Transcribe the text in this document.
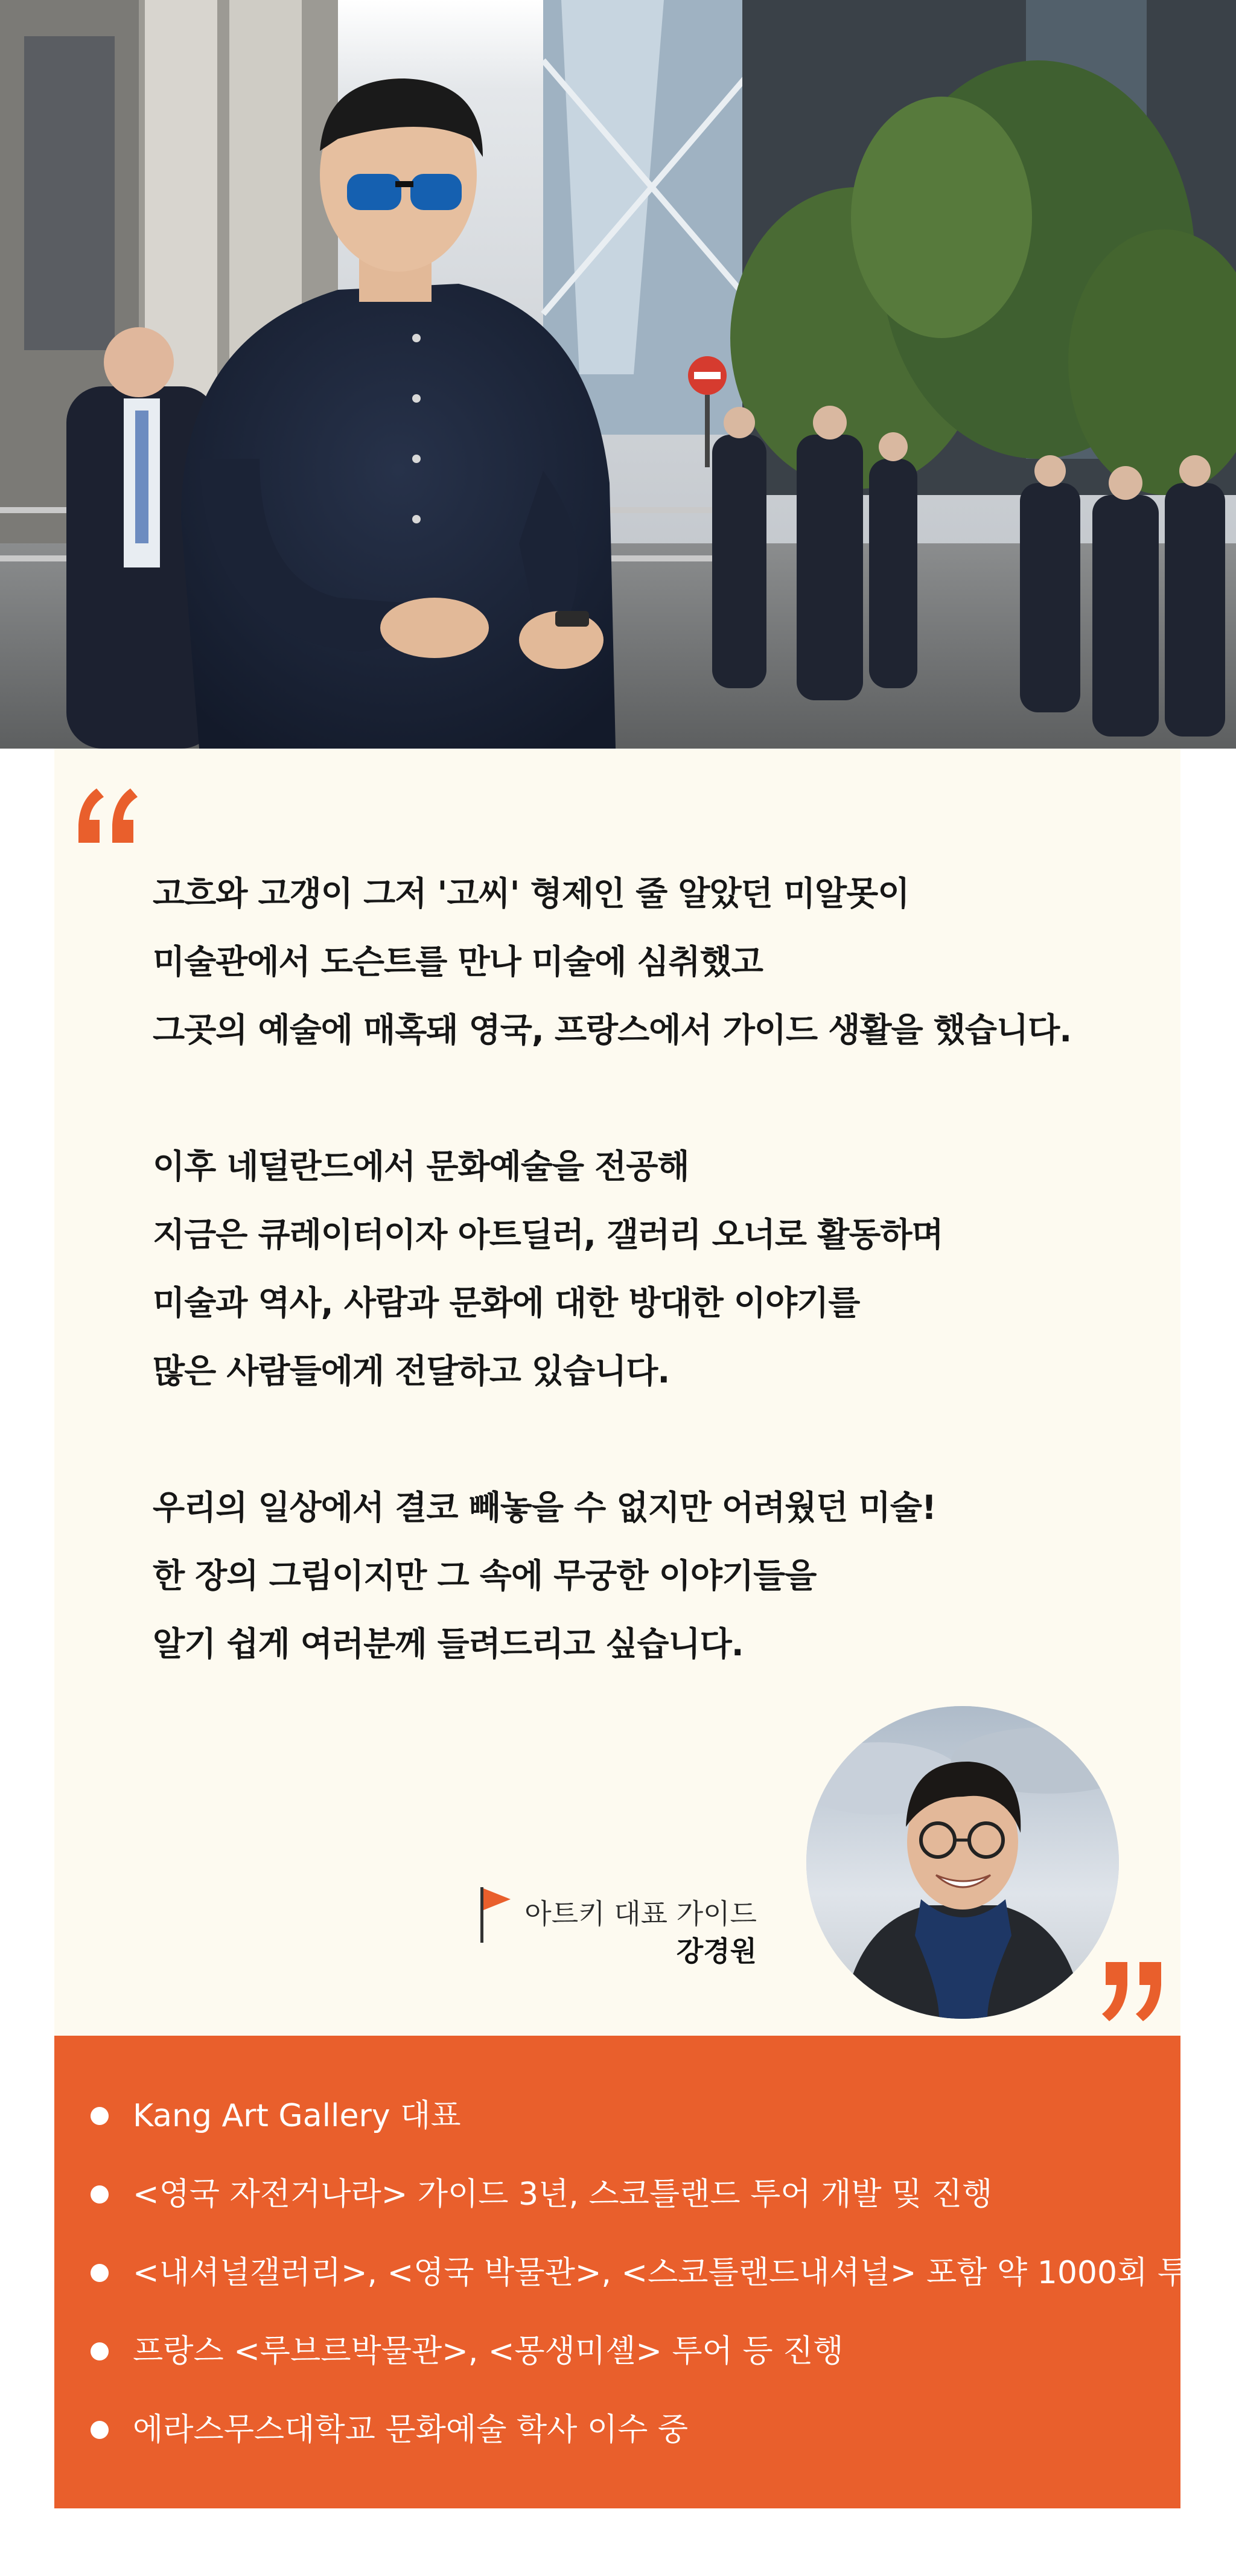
고흐와 고갱이 그저 '고씨' 형제인 줄 알았던 미알못이
미술관에서 도슨트를 만나 미술에 심취했고
그곳의 예술에 매혹돼 영국, 프랑스에서 가이드 생활을 했습니다.
이후 네덜란드에서 문화예술을 전공해
지금은 큐레이터이자 아트딜러, 갤러리 오너로 활동하며
미술과 역사, 사람과 문화에 대한 방대한 이야기를
많은 사람들에게 전달하고 있습니다.
우리의 일상에서 결코 빼놓을 수 없지만 어려웠던 미술!
한 장의 그림이지만 그 속에 무궁한 이야기들을
알기 쉽게 여러분께 들려드리고 싶습니다.
아트키 대표 가이드
강경원
Kang Art Gallery 대표
<영국 자전거나라> 가이드 3년, 스코틀랜드 투어 개발 및 진행
<내셔널갤러리>, <영국 박물관>, <스코틀랜드내셔널> 포함 약 1000회 투어
프랑스 <루브르박물관>, <몽생미셸> 투어 등 진행
에라스무스대학교 문화예술 학사 이수 중
